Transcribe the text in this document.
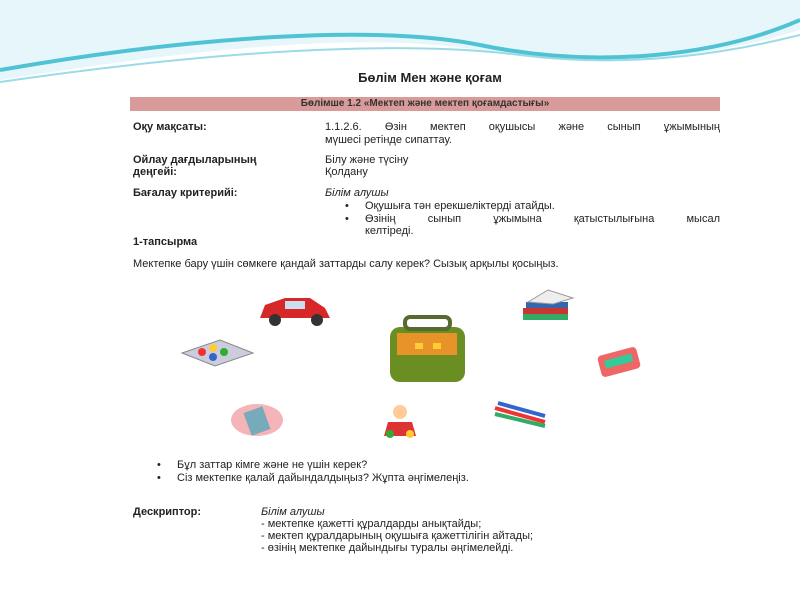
Бөлім Мен және қоғам
Бөлімше 1.2 «Мектеп және мектеп қоғамдастығы»
Оқу мақсаты:	1.1.2.6. Өзін мектеп оқушысы және сынып ұжымының
мүшесі ретінде сипаттау.
Ойлау дағдыларының
деңгейі:
Білу және түсіну
Қолдану
Бағалау критерийі:	Білім алушы
• Оқушыға тән ерекшеліктерді атайды.
• Өзінің сынып ұжымына қатыстылығына мысал
келтіреді.
1-тапсырма
Мектепке бару үшін сөмкеге қандай заттарды салу керек? Сызық арқылы қосыңыз.
• Бұл заттар кімге және не үшін керек?
• Сіз мектепке қалай дайындалдыңыз? Жұпта әңгімелеңіз.
Дескриптор:	Білім алушы
- мектепке қажетті құралдарды анықтайды;
- мектеп құралдарының оқушыға қажеттілігін айтады;
- өзінің мектепке дайындығы туралы әңгімелейді.
